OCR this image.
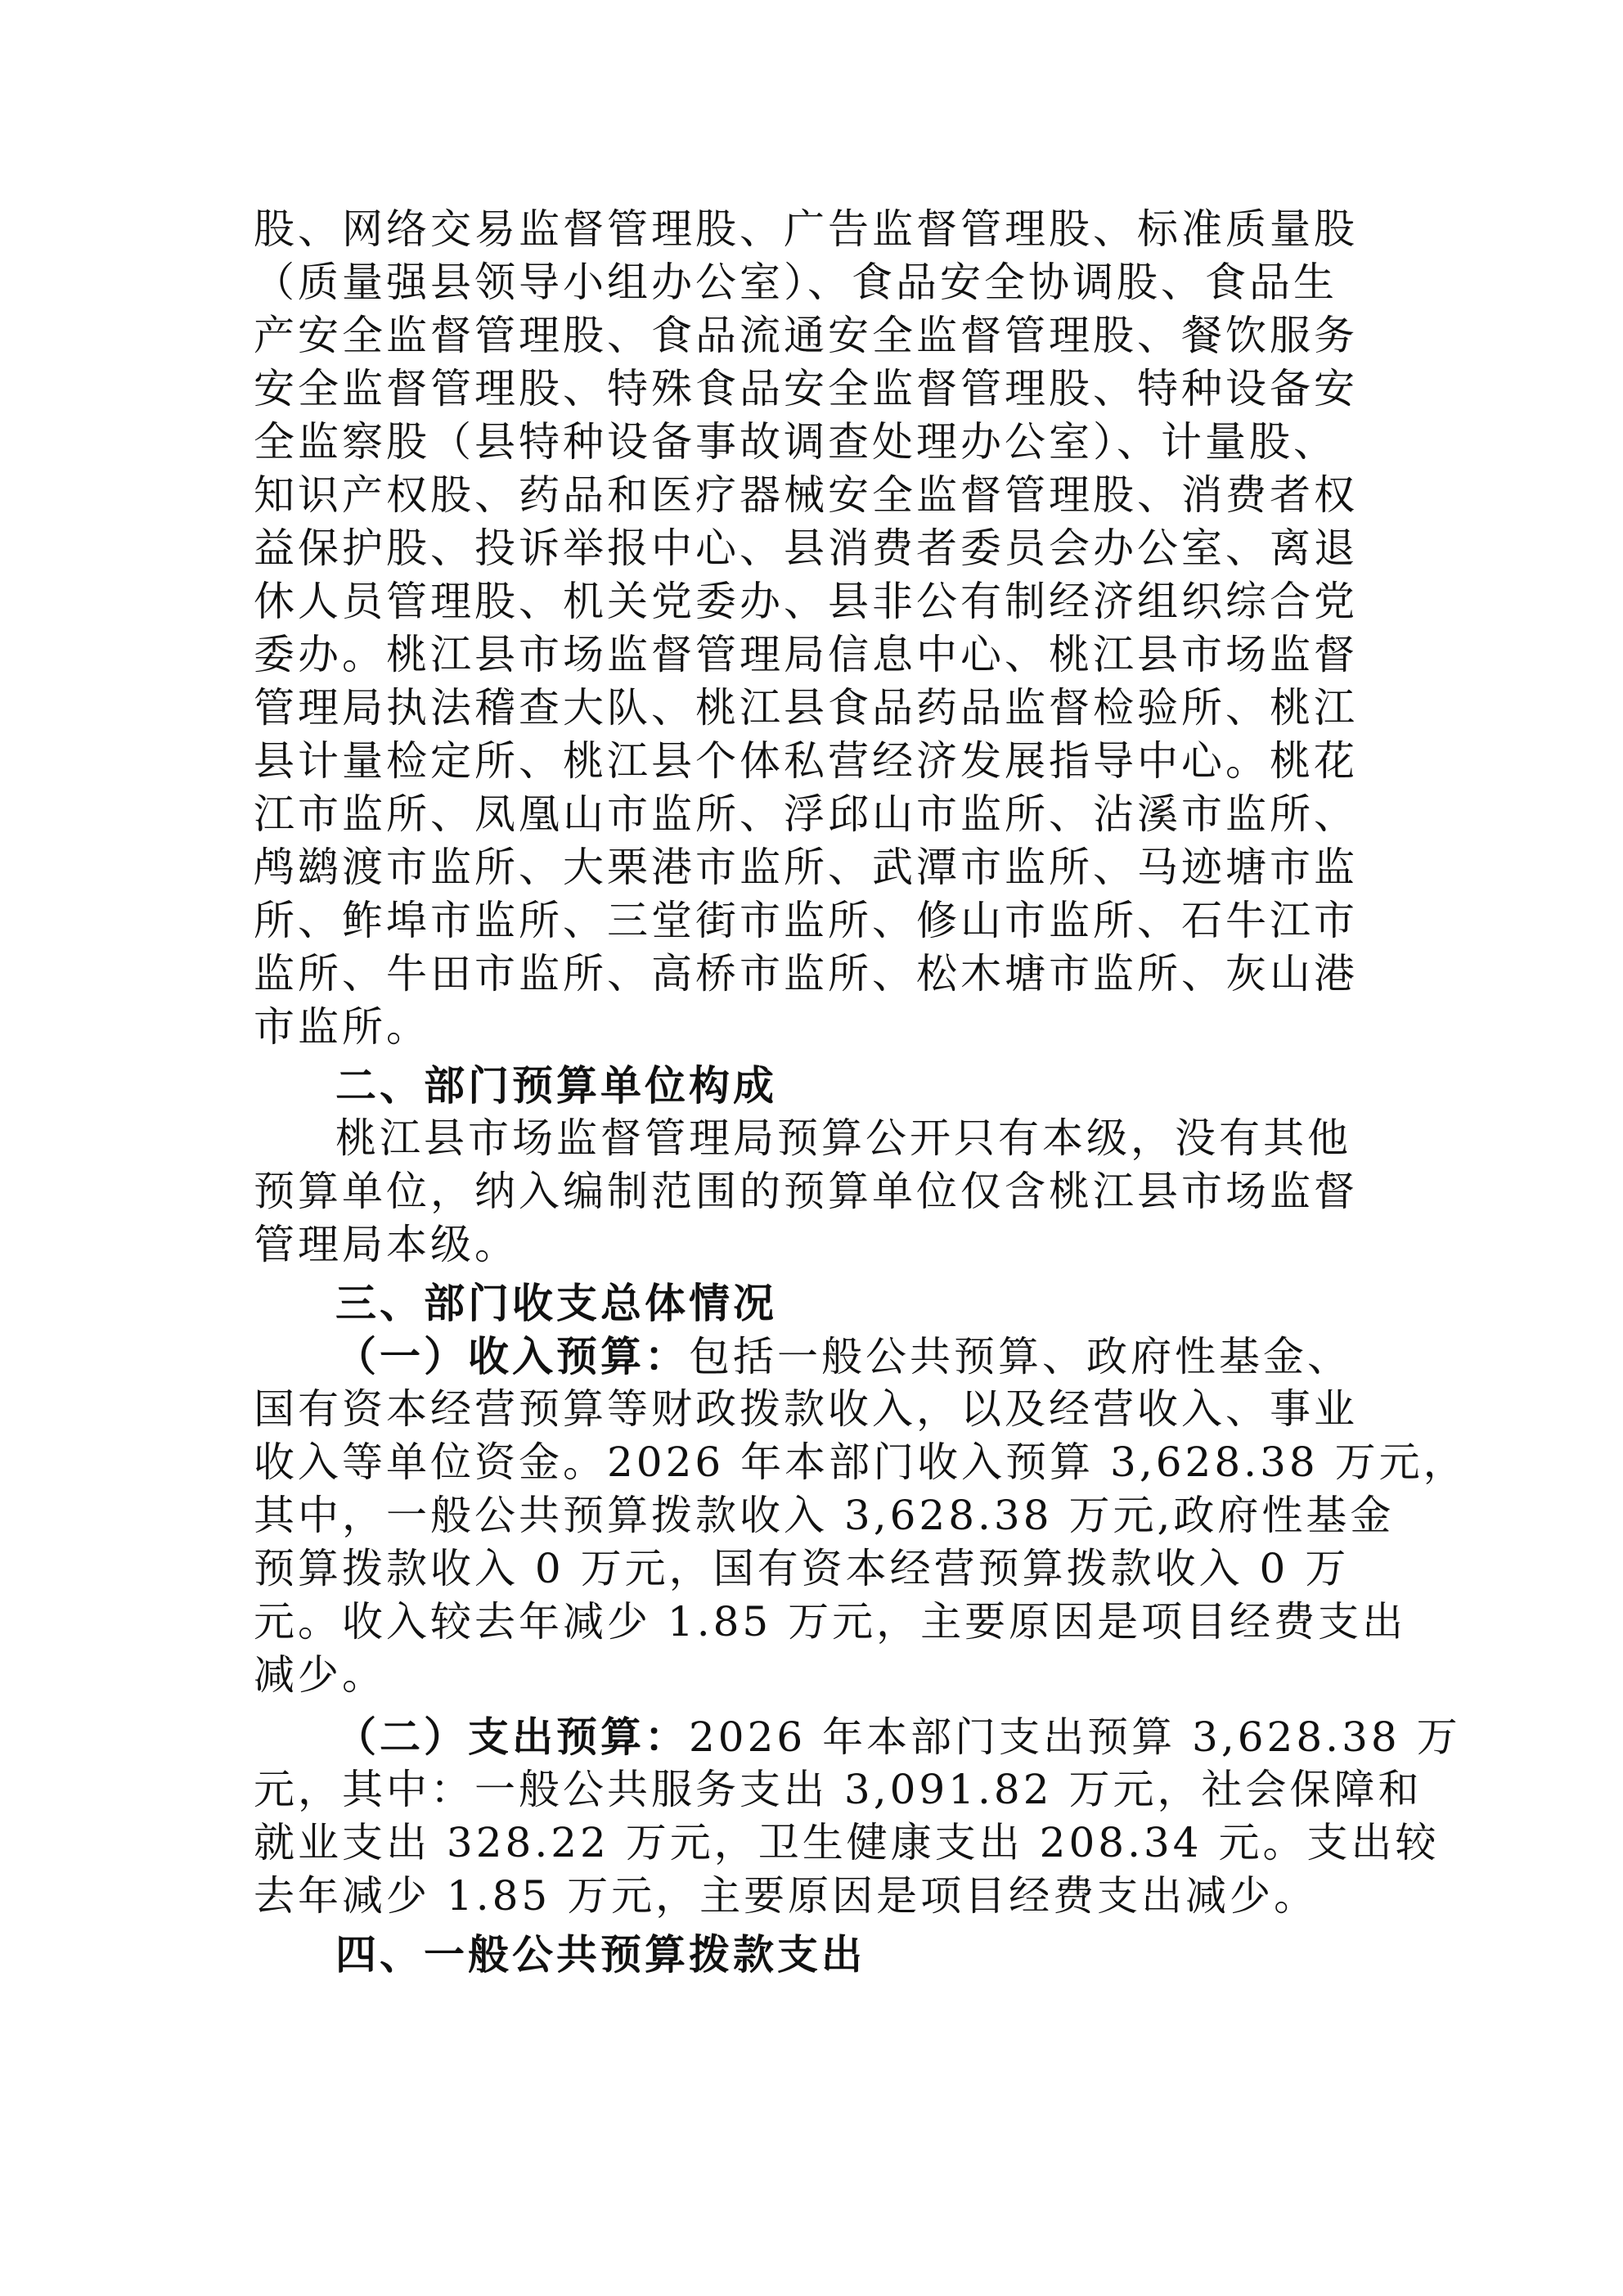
股、网络交易监督管理股、广告监督管理股、标准质量股
（质量强县领导小组办公室）、食品安全协调股、食品生
产安全监督管理股、食品流通安全监督管理股、餐饮服务
安全监督管理股、特殊食品安全监督管理股、特种设备安
全监察股（县特种设备事故调查处理办公室）、计量股、
知识产权股、药品和医疗器械安全监督管理股、消费者权
益保护股、投诉举报中心、县消费者委员会办公室、离退
休人员管理股、机关党委办、县非公有制经济组织综合党
委办。桃江县市场监督管理局信息中心、桃江县市场监督
管理局执法稽查大队、桃江县食品药品监督检验所、桃江
县计量检定所、桃江县个体私营经济发展指导中心。桃花
江市监所、凤凰山市监所、浮邱山市监所、沾溪市监所、
鸬鹚渡市监所、大栗港市监所、武潭市监所、马迹塘市监
所、鲊埠市监所、三堂街市监所、修山市监所、石牛江市
监所、牛田市监所、高桥市监所、松木塘市监所、灰山港
市监所。
二、部门预算单位构成
桃江县市场监督管理局预算公开只有本级，没有其他
预算单位，纳入编制范围的预算单位仅含桃江县市场监督
管理局本级。
三、部门收支总体情况
（一）收入预算：包括一般公共预算、政府性基金、
国有资本经营预算等财政拨款收入，以及经营收入、事业
收入等单位资金。2026 年本部门收入预算 3,628.38 万元，
其中，一般公共预算拨款收入 3,628.38 万元,政府性基金
预算拨款收入 0 万元，国有资本经营预算拨款收入 0 万
元。收入较去年减少 1.85 万元，主要原因是项目经费支出
减少。
（二）支出预算：2026 年本部门支出预算 3,628.38 万
元，其中：一般公共服务支出 3,091.82 万元，社会保障和
就业支出 328.22 万元，卫生健康支出 208.34 元。支出较
去年减少 1.85 万元，主要原因是项目经费支出减少。
四、一般公共预算拨款支出
